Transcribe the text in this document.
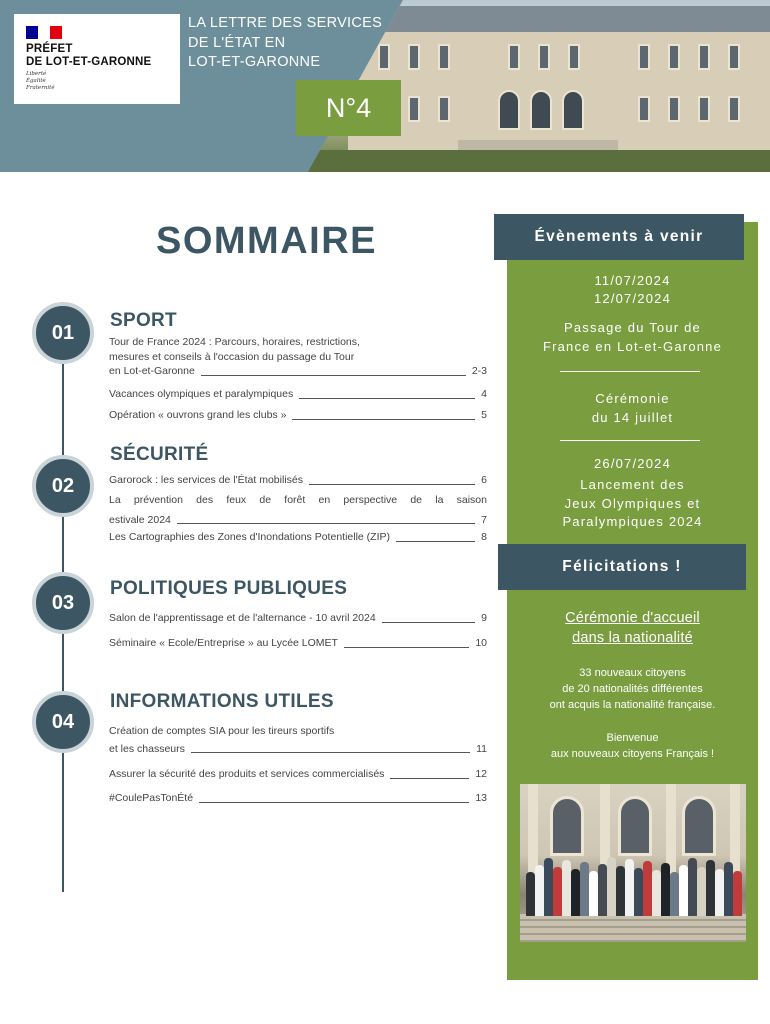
PRÉFET
DE LOT-ET-GARONNE
Liberté
Égalité
Fraternité
LA LETTRE DES SERVICES
DE L'ÉTAT EN
LOT-ET-GARONNE
N°4
SOMMAIRE
01
SPORT
Tour de France 2024 : Parcours, horaires, restrictions,
mesures et conseils à l'occasion du passage du Tour
en Lot-et-Garonne	2-3
Vacances olympiques et paralympiques	4
Opération « ouvrons grand les clubs »	5
02
SÉCURITÉ
Garorock : les services de l'État mobilisés	6
La prévention des feux de forêt en perspective de la saison
estivale 2024	7
Les Cartographies des Zones d'Inondations Potentielle (ZIP)	8
03
POLITIQUES PUBLIQUES
Salon de l'apprentissage et de l'alternance - 10 avril 2024	9
Séminaire « Ecole/Entreprise » au Lycée LOMET	10
04
INFORMATIONS UTILES
Création de comptes SIA pour les tireurs sportifs
et les chasseurs	11
Assurer la sécurité des produits et services commercialisés	12
#CoulePasTonÉté	13
Évènements à venir
11/07/2024
12/07/2024
Passage du Tour de
France en Lot-et-Garonne
Cérémonie
du 14 juillet
26/07/2024
Lancement des
Jeux Olympiques et
Paralympiques 2024
Félicitations !
Cérémonie d'accueil
dans la nationalité
33 nouveaux citoyens
de 20 nationalités différentes
ont acquis la nationalité française.
Bienvenue
aux nouveaux citoyens Français !
